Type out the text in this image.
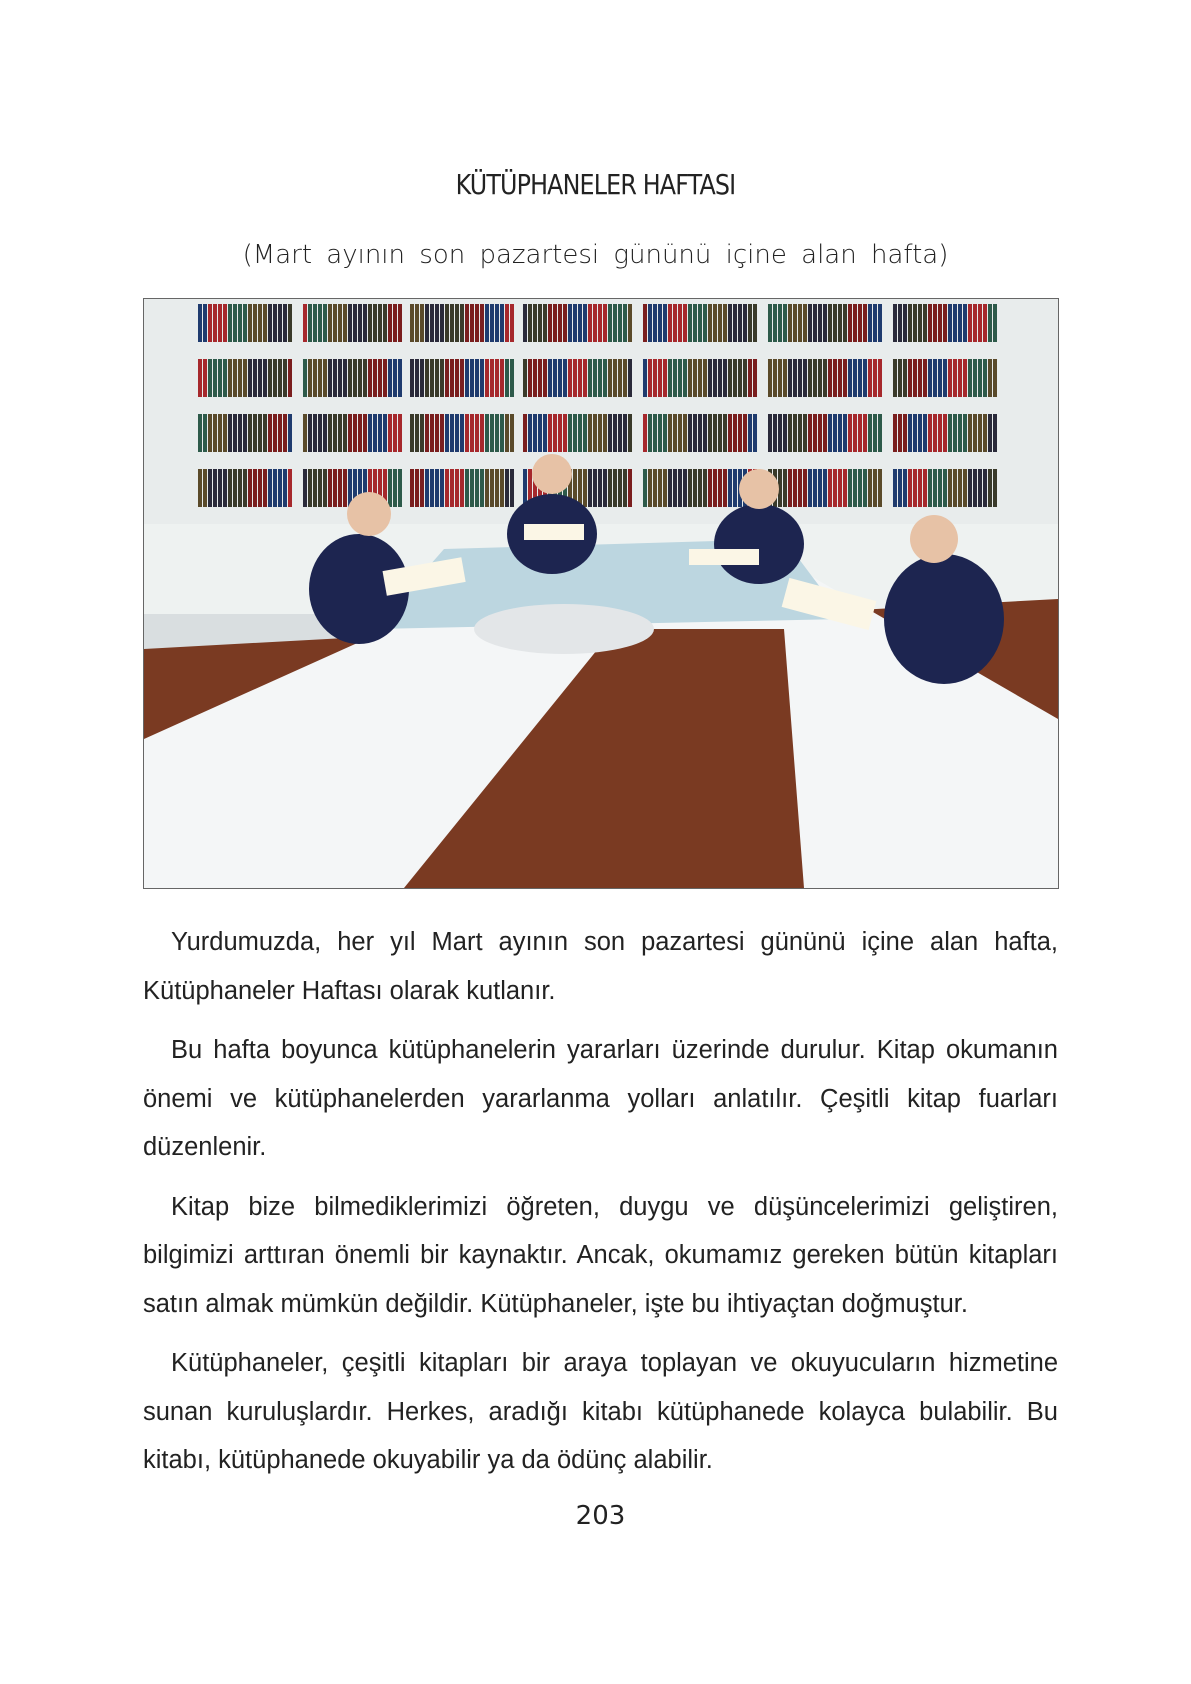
KÜTÜPHANELER HAFTASI
(Mart ayının son pazartesi gününü içine alan hafta)

Yurdumuzda, her yıl Mart ayının son pazartesi gününü içine alan hafta, Kütüphaneler Haftası olarak kutlanır.

Bu hafta boyunca kütüphanelerin yararları üzerinde durulur. Kitap okumanın önemi ve kütüphanelerden yararlanma yolları anlatılır. Çeşitli kitap fuarları düzenlenir.

Kitap bize bilmediklerimizi öğreten, duygu ve düşüncelerimizi geliştiren, bilgimizi arttıran önemli bir kaynaktır. Ancak, okumamız gereken bütün kitapları satın almak mümkün değildir. Kütüphaneler, işte bu ihtiyaçtan doğmuştur.

Kütüphaneler, çeşitli kitapları bir araya toplayan ve okuyucuların hizmetine sunan kuruluşlardır. Herkes, aradığı kitabı kütüphanede kolayca bulabilir. Bu kitabı, kütüphanede okuyabilir ya da ödünç alabilir.

203
